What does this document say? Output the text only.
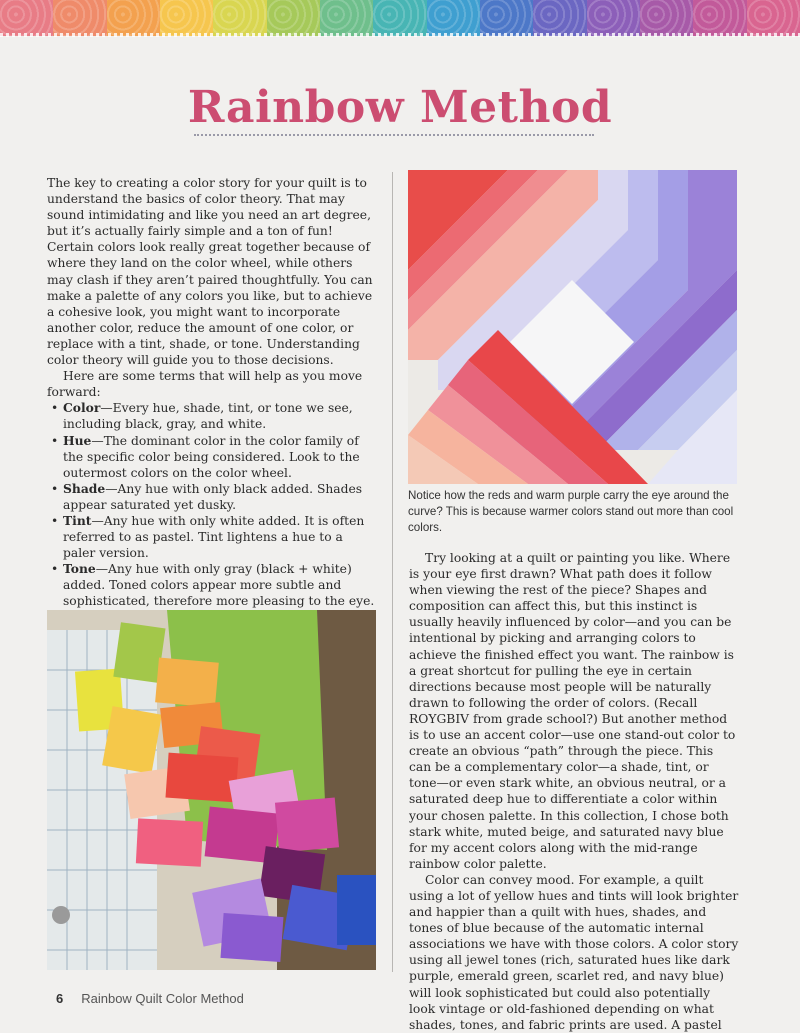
Rainbow Method

The key to creating a color story for your quilt is to understand the basics of color theory. That may sound intimidating and like you need an art degree, but it’s actually fairly simple and a ton of fun! Certain colors look really great together because of where they land on the color wheel, while others may clash if they aren’t paired thoughtfully. You can make a palette of any colors you like, but to achieve a cohesive look, you might want to incorporate another color, reduce the amount of one color, or replace with a tint, shade, or tone. Understanding color theory will guide you to those decisions.

Here are some terms that will help as you move forward:

• Color—Every hue, shade, tint, or tone we see, including black, gray, and white.
• Hue—The dominant color in the color family of the specific color being considered. Look to the outermost colors on the color wheel.
• Shade—Any hue with only black added. Shades appear saturated yet dusky.
• Tint—Any hue with only white added. It is often referred to as pastel. Tint lightens a hue to a paler version.
• Tone—Any hue with only gray (black + white) added. Toned colors appear more subtle and sophisticated, therefore more pleasing to the eye.
Notice how the reds and warm purple carry the eye around the curve? This is because warmer colors stand out more than cool colors.

Try looking at a quilt or painting you like. Where is your eye first drawn? What path does it follow when viewing the rest of the piece? Shapes and composition can affect this, but this instinct is usually heavily influenced by color—and you can be intentional by picking and arranging colors to achieve the finished effect you want. The rainbow is a great shortcut for pulling the eye in certain directions because most people will be naturally drawn to following the order of colors. (Recall ROYGBIV from grade school?) But another method is to use an accent color—use one stand-out color to create an obvious “path” through the piece. This can be a complementary color—a shade, tint, or tone—or even stark white, an obvious neutral, or a saturated deep hue to differentiate a color within your chosen palette. In this collection, I chose both stark white, muted beige, and saturated navy blue for my accent colors along with the mid-range rainbow color palette.

Color can convey mood. For example, a quilt using a lot of yellow hues and tints will look brighter and happier than a quilt with hues, shades, and tones of blue because of the automatic internal associations we have with those colors. A color story using all jewel tones (rich, saturated hues like dark purple, emerald green, scarlet red, and navy blue) will look sophisticated but could also potentially look vintage or old-fashioned depending on what shades, tones, and fabric prints are used. A pastel

6 Rainbow Quilt Color Method
